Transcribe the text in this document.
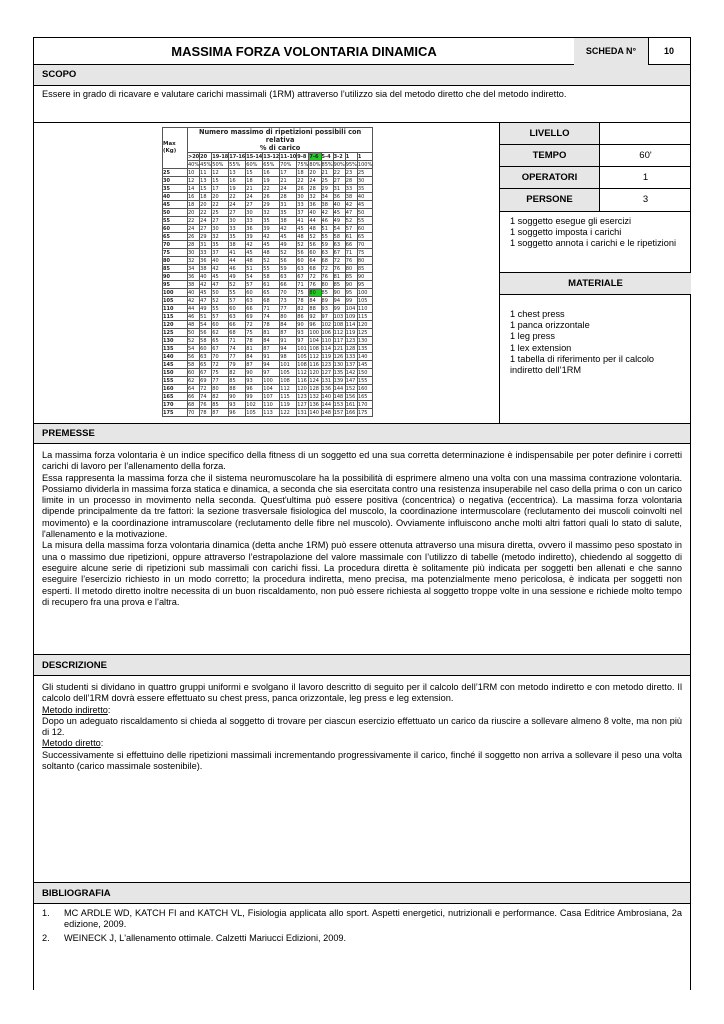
MASSIMA FORZA VOLONTARIA DINAMICA	SCHEDA N°	10
SCOPO
Essere in grado di ricavare e valutare carichi massimali (1RM) attraverso l’utilizzo sia del metodo diretto che del metodo indiretto.
Max (Kg)	Numero massimo di ripetizioni possibili con relativa
% di carico												

	>20	20	19-18	17-16	15-14	13-12	11-10	9-8	7-6	5-4	3-2	1	1
	40%	45%	50%	55%	60%	65%	70%	75%	80%	85%	90%	95%	100%
25	10	11	12	13	15	16	17	18	20	21	22	23	25
30	12	13	15	16	18	19	21	22	24	25	27	28	30
35	14	15	17	19	21	22	24	26	28	29	31	33	35
40	16	18	20	22	24	26	28	30	32	34	36	38	40
45	18	20	22	24	27	29	31	33	36	38	40	42	45
50	20	22	25	27	30	32	35	37	40	42	45	47	50
55	22	24	27	30	33	35	38	41	44	46	49	52	55
60	24	27	30	33	36	39	42	45	48	51	54	57	60
65	26	29	32	35	39	42	45	48	52	55	58	61	65
70	28	31	35	38	42	45	49	52	56	59	63	66	70
75	30	33	37	41	45	48	52	56	60	63	67	71	75
80	32	36	40	44	48	52	56	60	64	68	72	76	80
85	34	38	42	46	51	55	59	63	68	72	76	80	85
90	36	40	45	49	54	58	63	67	72	76	81	85	90
95	38	42	47	52	57	61	66	71	76	80	85	90	95
100	40	45	50	55	60	65	70	75	80	85	90	95	100
105	42	47	52	57	63	68	73	78	84	89	94	99	105
110	44	49	55	60	66	71	77	82	88	93	99	104	110
115	46	51	57	63	69	74	80	86	92	97	103	109	115
120	48	54	60	66	72	78	84	90	96	102	108	114	120
125	50	56	62	68	75	81	87	93	100	106	112	119	125
130	52	58	65	71	78	84	91	97	104	110	117	123	130
135	54	60	67	74	81	87	94	101	108	114	121	128	135
140	56	63	70	77	84	91	98	105	112	119	126	133	140
145	58	65	72	79	87	94	101	108	116	123	130	137	145
150	60	67	75	82	90	97	105	112	120	127	135	142	150
155	62	69	77	85	93	100	108	116	124	131	139	147	155
160	64	72	80	88	96	104	112	120	128	136	144	152	160
165	66	74	82	90	99	107	115	123	132	140	148	156	165
170	68	76	85	93	102	110	119	127	136	144	153	161	170
175	70	78	87	96	105	113	122	131	140	148	157	166	175
LIVELLO
TEMPO	60'
OPERATORI	1
PERSONE	3
1 soggetto esegue gli esercizi
1 soggetto imposta i carichi
1 soggetto annota i carichi e le ripetizioni
MATERIALE
1 chest press
1 panca orizzontale
1 leg press
1 lex extension
1 tabella di riferimento per il calcolo indiretto dell’1RM
PREMESSE

La massima forza volontaria è un indice specifico della fitness di un soggetto ed una sua corretta determinazione è indispensabile per poter definire i corretti carichi di lavoro per l’allenamento della forza.

Essa rappresenta la massima forza che il sistema neuromuscolare ha la possibilità di esprimere almeno una volta con una massima contrazione volontaria. Possiamo dividerla in massima forza statica e dinamica, a seconda che sia esercitata contro una resistenza insuperabile nel caso della prima o con un carico limite in un processo in movimento nella seconda. Quest'ultima può essere positiva (concentrica) o negativa (eccentrica). La massima forza volontaria dipende principalmente da tre fattori: la sezione trasversale fisiologica del muscolo, la coordinazione intermuscolare (reclutamento dei muscoli coinvolti nel movimento) e la coordinazione intramuscolare (reclutamento delle fibre nel muscolo). Ovviamente influiscono anche molti altri fattori quali lo stato di salute, l'allenamento e la motivazione.

La misura della massima forza volontaria dinamica (detta anche 1RM) può essere ottenuta attraverso una misura diretta, ovvero il massimo peso spostato in una o massimo due ripetizioni, oppure attraverso l’estrapolazione del valore massimale con l’utilizzo di tabelle (metodo indiretto), chiedendo al soggetto di eseguire alcune serie di ripetizioni sub massimali con carichi fissi. La procedura diretta è solitamente più indicata per soggetti ben allenati e che sanno eseguire l’esercizio richiesto in un modo corretto; la procedura indiretta, meno precisa, ma potenzialmente meno pericolosa, è indicata per soggetti non esperti. Il metodo diretto inoltre necessita di un buon riscaldamento, non può essere richiesta al soggetto troppe volte in una sessione e richiede molto tempo di recupero fra una prova e l’altra.

DESCRIZIONE

Gli studenti si dividano in quattro gruppi uniformi e svolgano il lavoro descritto di seguito per il calcolo dell’1RM con metodo indiretto e con metodo diretto. Il calcolo dell’1RM dovrà essere effettuato su chest press, panca orizzontale, leg press e leg extension.

Metodo indiretto:

Dopo un adeguato riscaldamento si chieda al soggetto di trovare per ciascun esercizio effettuato un carico da riuscire a sollevare almeno 8 volte, ma non più di 12.

Metodo diretto:

Successivamente si effettuino delle ripetizioni massimali incrementando progressivamente il carico, finché il soggetto non arriva a sollevare il peso una volta soltanto (carico massimale sostenibile).

BIBLIOGRAFIA
1.	MC ARDLE WD, KATCH FI and KATCH VL, Fisiologia applicata allo sport. Aspetti energetici, nutrizionali e performance. Casa Editrice Ambrosiana, 2a edizione, 2009.
2.	WEINECK J, L'allenamento ottimale. Calzetti Mariucci Edizioni, 2009.
